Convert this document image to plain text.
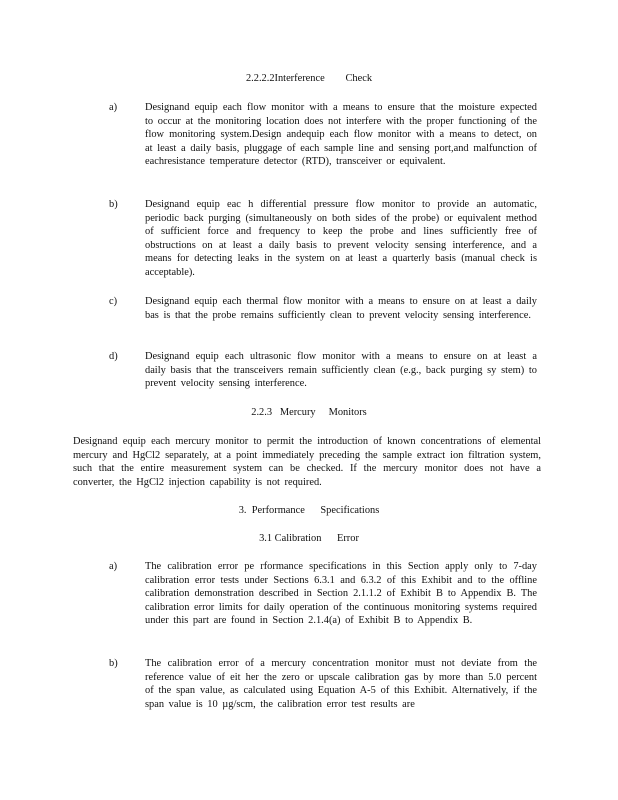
2.2.2.2Interference        Check
a)	Designand equip each flow monitor with a means to ensure that the moisture expected to occur at the monitoring location does not interfere with the proper functioning of the flow monitoring system.Design andequip each flow monitor with a means to detect, on at least a daily basis, pluggage of each sample line and sensing port,and malfunction of eachresistance temperature detector (RTD), transceiver or equivalent.
b)	Designand equip eac h differential pressure flow monitor to provide an automatic, periodic back purging (simultaneously on both sides of the probe) or equivalent method of sufficient force and frequency to keep the probe and lines sufficiently free of obstructions on at least a daily basis to prevent velocity sensing interference, and a means for detecting leaks in the system on at least a quarterly basis (manual check is acceptable).
c)	Designand equip each thermal flow monitor with a means to ensure on at least a daily bas is that the probe remains sufficiently clean to prevent velocity sensing interference.
d)	Designand equip each ultrasonic flow monitor with a means to ensure on at least a daily basis that the transceivers remain sufficiently clean (e.g., back purging sy stem) to prevent velocity sensing interference.
2.2.3   Mercury     Monitors
Designand equip each mercury monitor to permit the introduction of known concentrations of elemental mercury and HgCl2 separately, at a point immediately preceding the sample extract ion filtration system, such that the entire measurement system can be checked. If the mercury monitor does not have a converter, the HgCl2 injection capability is not required.
3.  Performance      Specifications
3.1 Calibration      Error
a)	The calibration error pe rformance specifications in this Section apply only to 7-day calibration error tests under Sections 6.3.1 and 6.3.2 of this Exhibit and to the offline calibration demonstration described in Section 2.1.1.2 of Exhibit B to Appendix B. The calibration error limits for daily operation of the continuous monitoring systems required under this part are found in Section 2.1.4(a) of Exhibit B to Appendix B.
b)	The calibration error of a mercury concentration monitor must not deviate from the reference value of eit her the zero or upscale calibration gas by more than 5.0 percent of the span value, as calculated using Equation A-5 of this Exhibit. Alternatively, if the span value is 10 µg/scm, the calibration error test results are
